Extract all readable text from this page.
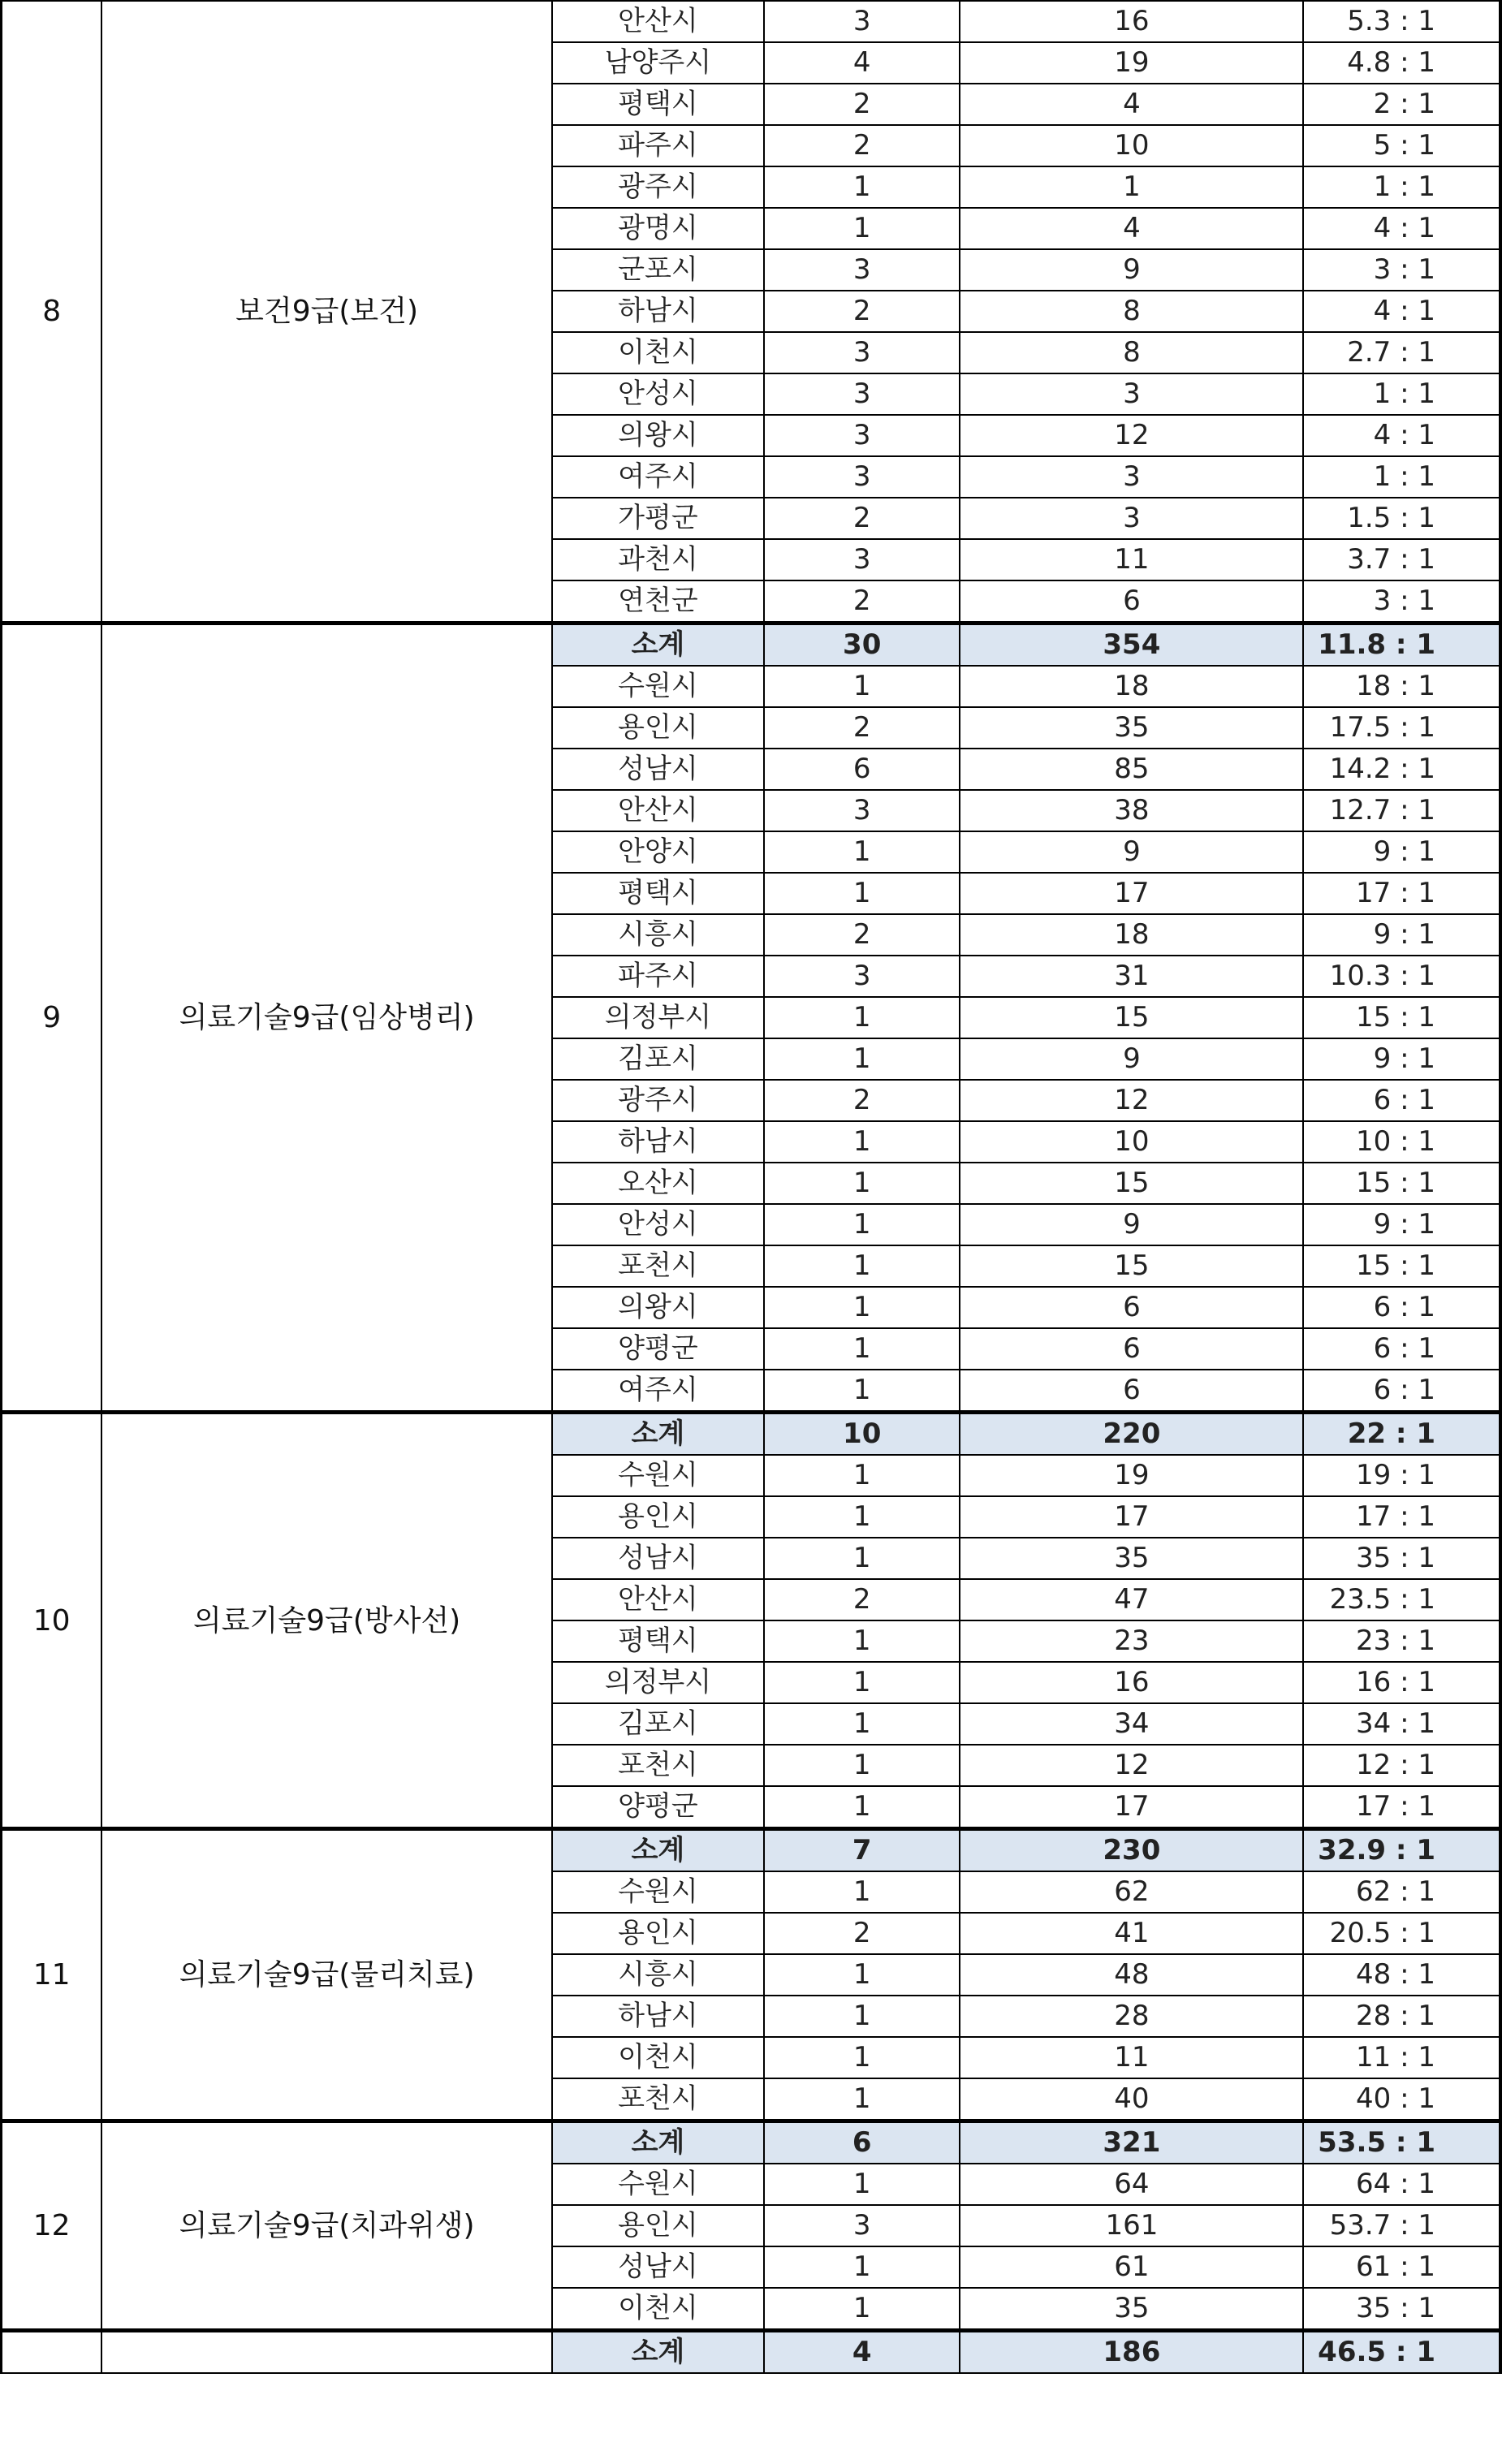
8	보건9급(보건)	안산시	3	16	5.3 : 1	
		남양주시	4	19	4.8 : 1	
		평택시	2	4	2 : 1	
		파주시	2	10	5 : 1	
		광주시	1	1	1 : 1	
		광명시	1	4	4 : 1	
		군포시	3	9	3 : 1	
		하남시	2	8	4 : 1	
		이천시	3	8	2.7 : 1	
		안성시	3	3	1 : 1	
		의왕시	3	12	4 : 1	
		여주시	3	3	1 : 1	
		가평군	2	3	1.5 : 1	
		과천시	3	11	3.7 : 1	
		연천군	2	6	3 : 1	
9	의료기술9급(임상병리)	소계	30	354	11.8 : 1	
		수원시	1	18	18 : 1	
		용인시	2	35	17.5 : 1	
		성남시	6	85	14.2 : 1	
		안산시	3	38	12.7 : 1	
		안양시	1	9	9 : 1	
		평택시	1	17	17 : 1	
		시흥시	2	18	9 : 1	
		파주시	3	31	10.3 : 1	
		의정부시	1	15	15 : 1	
		김포시	1	9	9 : 1	
		광주시	2	12	6 : 1	
		하남시	1	10	10 : 1	
		오산시	1	15	15 : 1	
		안성시	1	9	9 : 1	
		포천시	1	15	15 : 1	
		의왕시	1	6	6 : 1	
		양평군	1	6	6 : 1	
		여주시	1	6	6 : 1	
10	의료기술9급(방사선)	소계	10	220	22 : 1	
		수원시	1	19	19 : 1	
		용인시	1	17	17 : 1	
		성남시	1	35	35 : 1	
		안산시	2	47	23.5 : 1	
		평택시	1	23	23 : 1	
		의정부시	1	16	16 : 1	
		김포시	1	34	34 : 1	
		포천시	1	12	12 : 1	
		양평군	1	17	17 : 1	
11	의료기술9급(물리치료)	소계	7	230	32.9 : 1	
		수원시	1	62	62 : 1	
		용인시	2	41	20.5 : 1	
		시흥시	1	48	48 : 1	
		하남시	1	28	28 : 1	
		이천시	1	11	11 : 1	
		포천시	1	40	40 : 1	
12	의료기술9급(치과위생)	소계	6	321	53.5 : 1	
		수원시	1	64	64 : 1	
		용인시	3	161	53.7 : 1	
		성남시	1	61	61 : 1	
		이천시	1	35	35 : 1	
		소계	4	186	46.5 : 1	
